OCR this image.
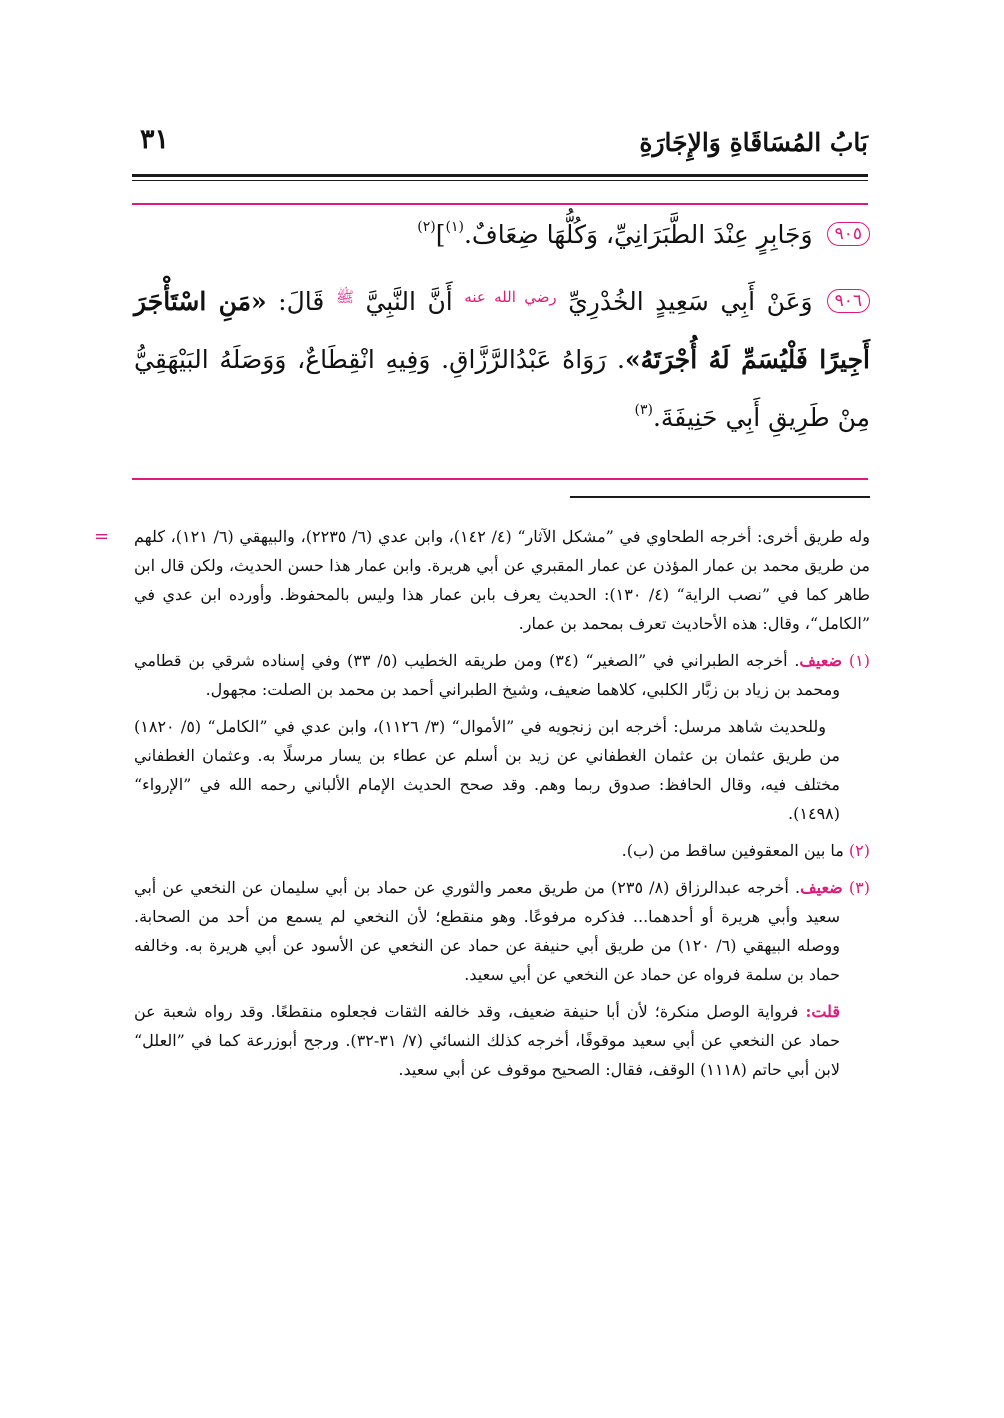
بَابُ المُسَاقَاةِ وَالإِجَارَةِ
٣١
٩٠٥وَجَابِرٍ عِنْدَ الطَّبَرَانِيِّ، وَكُلُّهَا ضِعَافٌ.$^{(١)}$]$^{(٢)}$
٩٠٦وَعَنْ أَبِي سَعِيدٍ الخُدْرِيِّ $^{رضي الله عنه}$ أَنَّ النَّبِيَّ $^ﷺ$ قَالَ: «مَنِ اسْتَأْجَرَ أَجِيرًا فَلْيُسَمِّ لَهُ أُجْرَتَهُ». رَوَاهُ عَبْدُالرَّزَّاقِ. وَفِيهِ انْقِطَاعٌ، وَوَصَلَهُ البَيْهَقِيُّ مِنْ طَرِيقِ أَبِي حَنِيفَةَ.$^{(٣)}$
= وله طريق أخرى: أخرجه الطحاوي في ”مشكل الآثار“ (٤/ ١٤٢)، وابن عدي (٦/ ٢٢٣٥)، والبيهقي (٦/ ١٢١)، كلهم من طريق محمد بن عمار المؤذن عن عمار المقبري عن أبي هريرة. وابن عمار هذا حسن الحديث، ولكن قال ابن طاهر كما في ”نصب الراية“ (٤/ ١٣٠): الحديث يعرف بابن عمار هذا وليس بالمحفوظ. وأورده ابن عدي في ”الكامل“، وقال: هذه الأحاديث تعرف بمحمد بن عمار.
(١) ضعيف. أخرجه الطبراني في ”الصغير“ (٣٤) ومن طريقه الخطيب (٥/ ٣٣) وفي إسناده شرقي بن قطامي ومحمد بن زياد بن زبَّار الكلبي، كلاهما ضعيف، وشيخ الطبراني أحمد بن محمد بن الصلت: مجهول.
وللحديث شاهد مرسل: أخرجه ابن زنجويه في ”الأموال“ (٣/ ١١٢٦)، وابن عدي في ”الكامل“ (٥/ ١٨٢٠) من طريق عثمان بن عثمان الغطفاني عن زيد بن أسلم عن عطاء بن يسار مرسلًا به. وعثمان الغطفاني مختلف فيه، وقال الحافظ: صدوق ربما وهم. وقد صحح الحديث الإمام الألباني رحمه الله في ”الإرواء“ (١٤٩٨).
(٢) ما بين المعقوفين ساقط من (ب).
(٣) ضعيف. أخرجه عبدالرزاق (٨/ ٢٣٥) من طريق معمر والثوري عن حماد بن أبي سليمان عن النخعي عن أبي سعيد وأبي هريرة أو أحدهما... فذكره مرفوعًا. وهو منقطع؛ لأن النخعي لم يسمع من أحد من الصحابة. ووصله البيهقي (٦/ ١٢٠) من طريق أبي حنيفة عن حماد عن النخعي عن الأسود عن أبي هريرة به. وخالفه حماد بن سلمة فرواه عن حماد عن النخعي عن أبي سعيد.
قلت: فرواية الوصل منكرة؛ لأن أبا حنيفة ضعيف، وقد خالفه الثقات فجعلوه منقطعًا. وقد رواه شعبة عن حماد عن النخعي عن أبي سعيد موقوفًا، أخرجه كذلك النسائي (٧/ ٣١-٣٢). ورجح أبوزرعة كما في ”العلل“ لابن أبي حاتم (١١١٨) الوقف، فقال: الصحيح موقوف عن أبي سعيد.
